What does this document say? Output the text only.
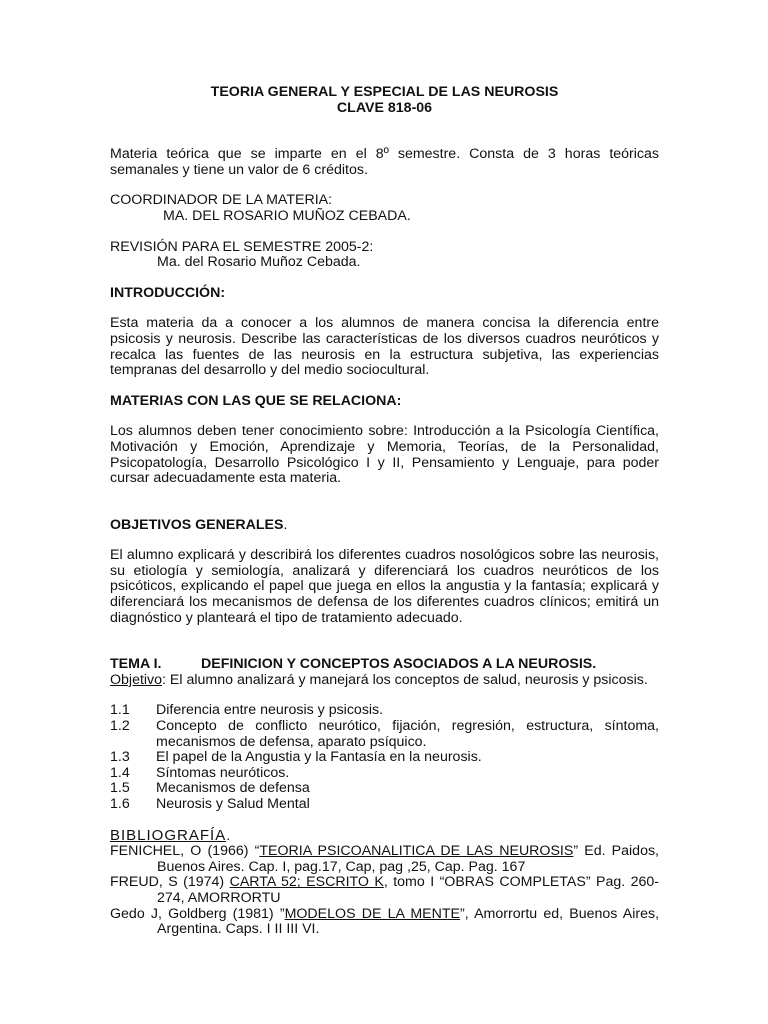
TEORIA GENERAL Y ESPECIAL DE LAS NEUROSIS

CLAVE 818-06

Materia teórica que se imparte en el 8º semestre. Consta de 3 horas teóricas semanales y tiene un valor de 6 créditos.

COORDINADOR DE LA MATERIA:

MA. DEL ROSARIO MUÑOZ CEBADA.

REVISIÓN PARA EL SEMESTRE 2005-2:

Ma. del Rosario Muñoz Cebada.

INTRODUCCIÓN:

Esta materia da a conocer a los alumnos de manera concisa la diferencia entre psicosis y neurosis. Describe las características de los diversos cuadros neuróticos y recalca las fuentes de las neurosis en la estructura subjetiva, las experiencias tempranas del desarrollo y del medio sociocultural.

MATERIAS CON LAS QUE SE RELACIONA:

Los alumnos deben tener conocimiento sobre: Introducción a la Psicología Científica, Motivación y Emoción, Aprendizaje y Memoria, Teorías, de la Personalidad, Psicopatología, Desarrollo Psicológico I y II, Pensamiento y Lenguaje, para poder cursar adecuadamente esta materia.

OBJETIVOS GENERALES.

El alumno explicará y describirá los diferentes cuadros nosológicos sobre las neurosis, su etiología y semiología, analizará y diferenciará los cuadros neuróticos de los psicóticos, explicando el papel que juega en ellos la angustia y la fantasía; explicará y diferenciará los mecanismos de defensa de los diferentes cuadros clínicos; emitirá un diagnóstico y planteará el tipo de tratamiento adecuado.

TEMA I.	DEFINICION Y CONCEPTOS ASOCIADOS A LA NEUROSIS.

Objetivo: El alumno analizará y manejará los conceptos de salud, neurosis y psicosis.

1.1	Diferencia entre neurosis y psicosis.
1.2	Concepto de conflicto neurótico, fijación, regresión, estructura, síntoma, mecanismos de defensa, aparato psíquico.
1.3	El papel de la Angustia y la Fantasía en la neurosis.
1.4	Síntomas neuróticos.
1.5	Mecanismos de defensa
1.6	Neurosis y Salud Mental

BIBLIOGRAFÍA.

FENICHEL, O (1966) “TEORIA PSICOANALITICA DE LAS NEUROSIS” Ed. Paidos, Buenos Aires. Cap. I, pag.17, Cap, pag ,25, Cap. Pag. 167

FREUD, S (1974) CARTA 52; ESCRITO K, tomo I “OBRAS COMPLETAS” Pag. 260-274, AMORRORTU

Gedo J, Goldberg (1981) ”MODELOS DE LA MENTE”, Amorrortu ed, Buenos Aires, Argentina. Caps. I II III VI.
